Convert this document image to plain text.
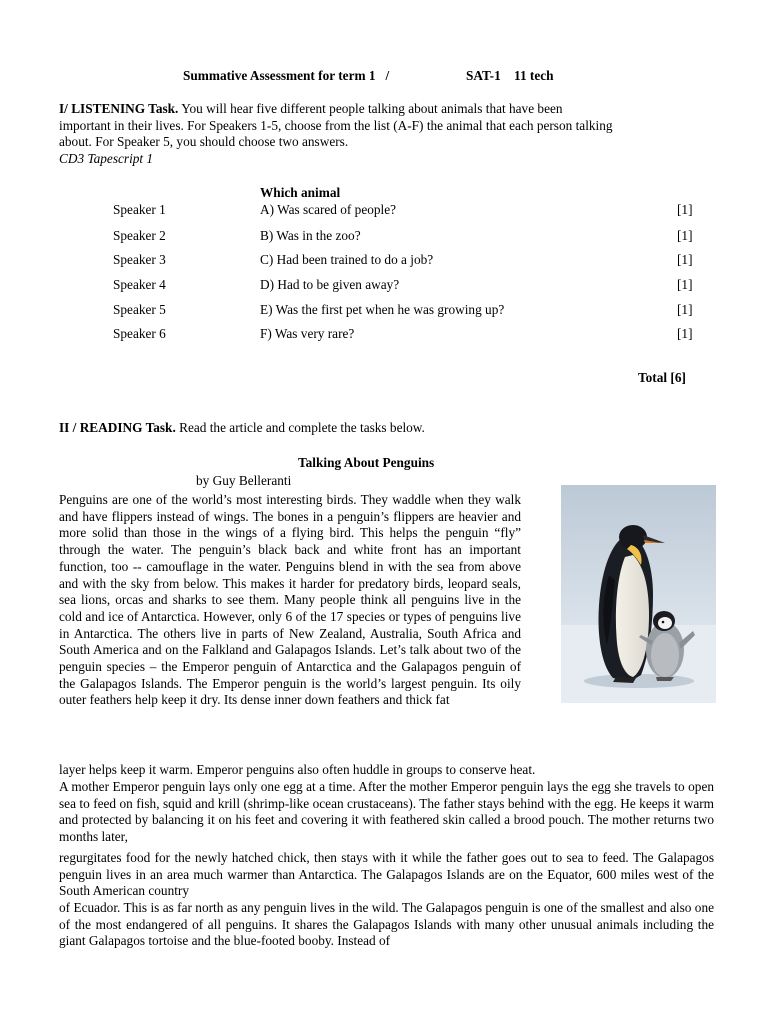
Summative Assessment for term 1 /	SAT-1 11 tech
I/ LISTENING Task. You will hear five different people talking about animals that have been
important in their lives. For Speakers 1-5, choose from the list (A-F) the animal that each person talking
about. For Speaker 5, you should choose two answers.
CD3 Tapescript 1
Which animal
Speaker 1	A) Was scared of people?	[1]
Speaker 2	B) Was in the zoo?	[1]
Speaker 3	C) Had been trained to do a job?	[1]
Speaker 4	D) Had to be given away?	[1]
Speaker 5	E) Was the first pet when he was growing up?	[1]
Speaker 6	F) Was very rare?	[1]
Total [6]
II / READING Task. Read the article and complete the tasks below.
Talking About Penguins
by Guy Belleranti
Penguins are one of the world’s most interesting birds. They waddle when they walk and have flippers instead of wings. The bones in a penguin’s flippers are heavier and more solid than those in the wings of a flying bird. This helps the penguin “fly” through the water. The penguin’s black back and white front has an important function, too -- camouflage in the water. Penguins blend in with the sea from above and with the sky from below. This makes it harder for predatory birds, leopard seals, sea lions, orcas and sharks to see them. Many people think all penguins live in the cold and ice of Antarctica. However, only 6 of the 17 species or types of penguins live in Antarctica. The others live in parts of New Zealand, Australia, South Africa and South America and on the Falkland and Galapagos Islands. Let’s talk about two of the penguin species – the Emperor penguin of Antarctica and the Galapagos penguin of the Galapagos Islands. The Emperor penguin is the world’s largest penguin. Its oily outer feathers help keep it dry. Its dense inner down feathers and thick fat
layer helps keep it warm. Emperor penguins also often huddle in groups to conserve heat.
A mother Emperor penguin lays only one egg at a time. After the mother Emperor penguin lays the egg she travels to open sea to feed on fish, squid and krill (shrimp-like ocean crustaceans). The father stays behind with the egg. He keeps it warm and protected by balancing it on his feet and covering it with feathered skin called a brood pouch. The mother returns two months later,
regurgitates food for the newly hatched chick, then stays with it while the father goes out to sea to feed. The Galapagos penguin lives in an area much warmer than Antarctica. The Galapagos Islands are on the Equator, 600 miles west of the South American country
of Ecuador. This is as far north as any penguin lives in the wild. The Galapagos penguin is one of the smallest and also one of the most endangered of all penguins. It shares the Galapagos Islands with many other unusual animals including the giant Galapagos tortoise and the blue-footed booby. Instead of
